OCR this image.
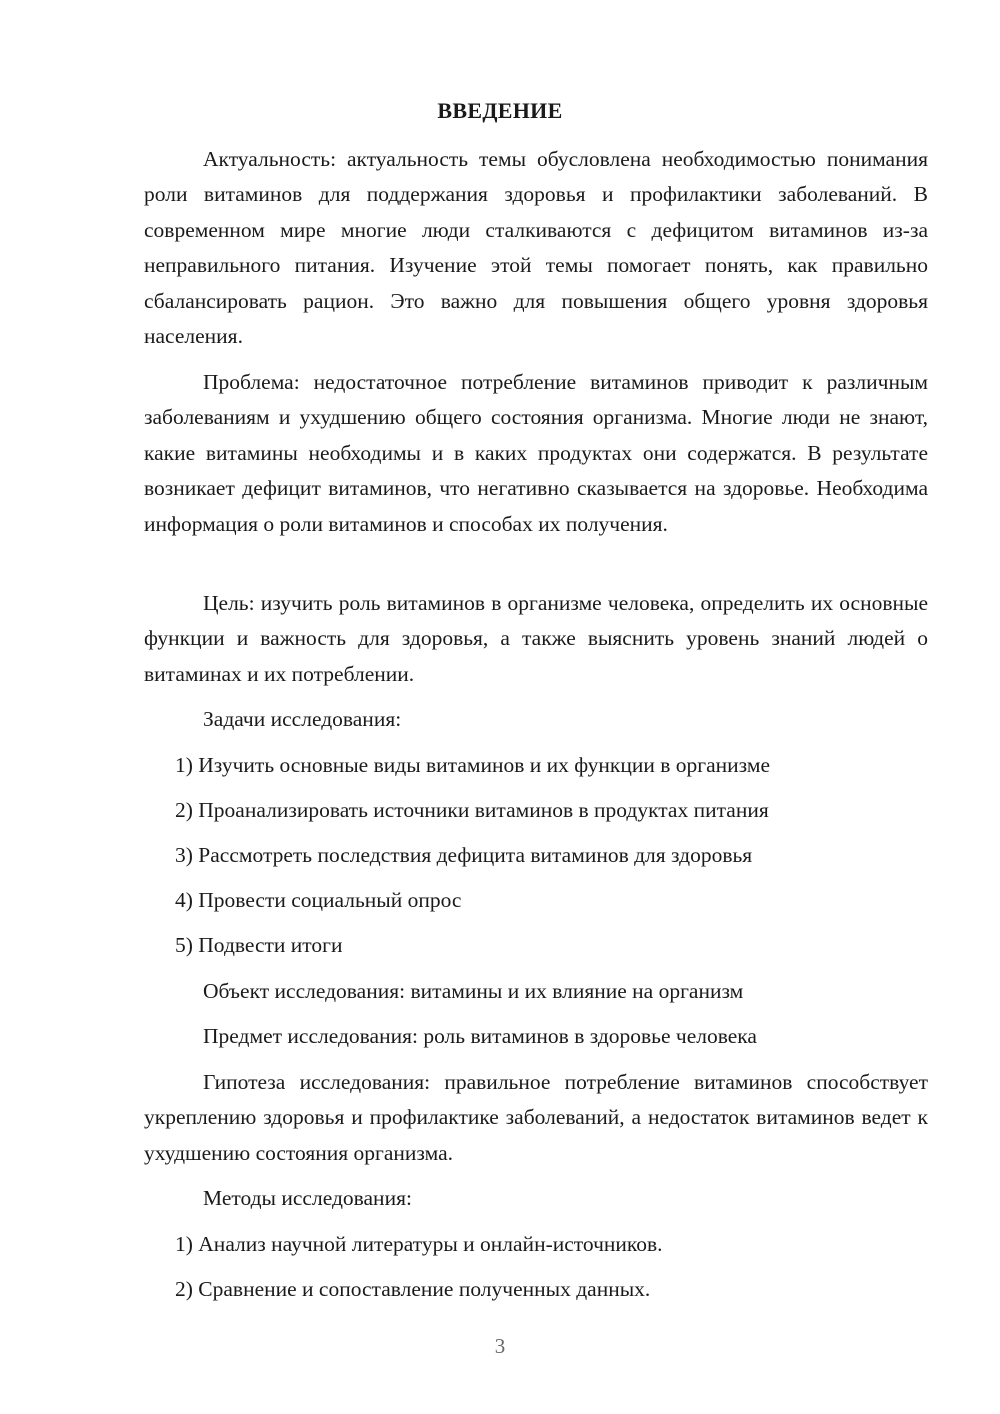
ВВЕДЕНИЕ

Актуальность: актуальность темы обусловлена необходимостью понимания роли витаминов для поддержания здоровья и профилактики заболеваний. В современном мире многие люди сталкиваются с дефицитом витаминов из-за неправильного питания. Изучение этой темы помогает понять, как правильно сбалансировать рацион. Это важно для повышения общего уровня здоровья населения.

Проблема: недостаточное потребление витаминов приводит к различным заболеваниям и ухудшению общего состояния организма. Многие люди не знают, какие витамины необходимы и в каких продуктах они содержатся. В результате возникает дефицит витаминов, что негативно сказывается на здоровье. Необходима информация о роли витаминов и способах их получения.

Цель: изучить роль витаминов в организме человека, определить их основные функции и важность для здоровья, а также выяснить уровень знаний людей о витаминах и их потреблении.

Задачи исследования:
1) Изучить основные виды витаминов и их функции в организме
2) Проанализировать источники витаминов в продуктах питания
3) Рассмотреть последствия дефицита витаминов для здоровья
4) Провести социальный опрос
5) Подвести итоги
Объект исследования: витамины и их влияние на организм
Предмет исследования: роль витаминов в здоровье человека

Гипотеза исследования: правильное потребление витаминов способствует укреплению здоровья и профилактике заболеваний, а недостаток витаминов ведет к ухудшению состояния организма.

Методы исследования:
1) Анализ научной литературы и онлайн-источников.
2) Сравнение и сопоставление полученных данных.
3
